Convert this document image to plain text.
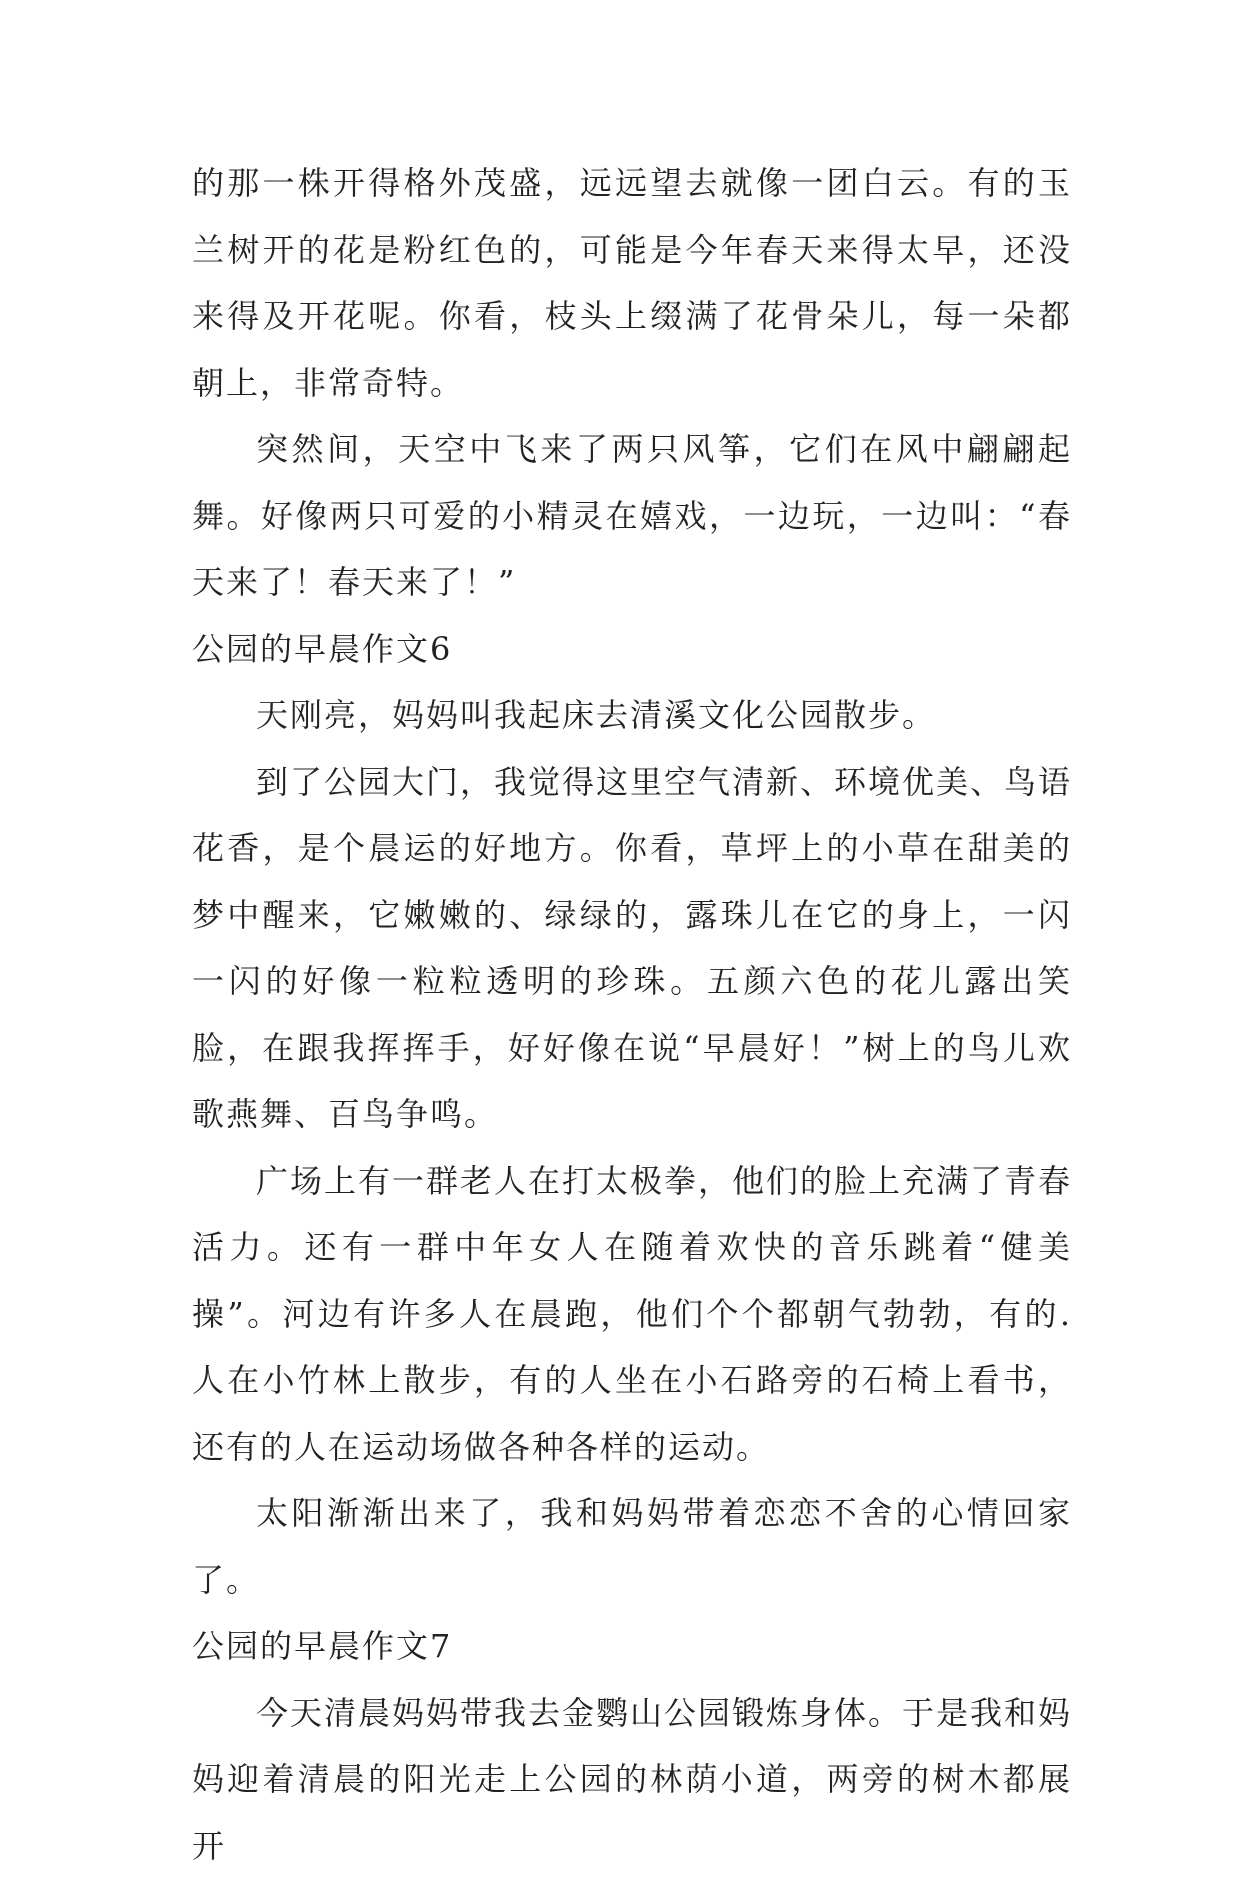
的那一株开得格外茂盛，远远望去就像一团白云。有的玉兰树开的花是粉红色的，可能是今年春天来得太早，还没来得及开花呢。你看，枝头上缀满了花骨朵儿，每一朵都朝上，非常奇特。

突然间，天空中飞来了两只风筝，它们在风中翩翩起舞。好像两只可爱的小精灵在嬉戏，一边玩，一边叫：“春天来了！春天来了！”

公园的早晨作文6

天刚亮，妈妈叫我起床去清溪文化公园散步。

到了公园大门，我觉得这里空气清新、环境优美、鸟语花香，是个晨运的好地方。你看，草坪上的小草在甜美的梦中醒来，它嫩嫩的、绿绿的，露珠儿在它的身上，一闪一闪的好像一粒粒透明的珍珠。五颜六色的花儿露出笑脸，在跟我挥挥手，好好像在说“早晨好！”树上的鸟儿欢歌燕舞、百鸟争鸣。

广场上有一群老人在打太极拳，他们的脸上充满了青春活力。还有一群中年女人在随着欢快的音乐跳着“健美操”。河边有许多人在晨跑，他们个个都朝气勃勃，有的.人在小竹林上散步，有的人坐在小石路旁的石椅上看书，还有的人在运动场做各种各样的运动。

太阳渐渐出来了，我和妈妈带着恋恋不舍的心情回家了。

公园的早晨作文7

今天清晨妈妈带我去金鹦山公园锻炼身体。于是我和妈妈迎着清晨的阳光走上公园的林荫小道，两旁的树木都展开
